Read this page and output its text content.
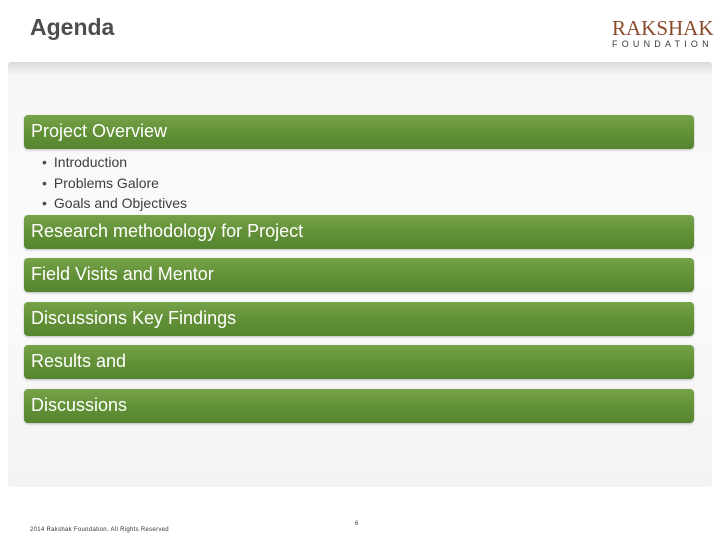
Agenda	RAKSHAK
FOUNDATION
Project Overview
• Introduction
• Problems Galore
• Goals and Objectives
Research methodology for Project
Field Visits and Mentor
Discussions Key Findings
Results and
Discussions
2014 Rakshak Foundation. All Rights Reserved
6
